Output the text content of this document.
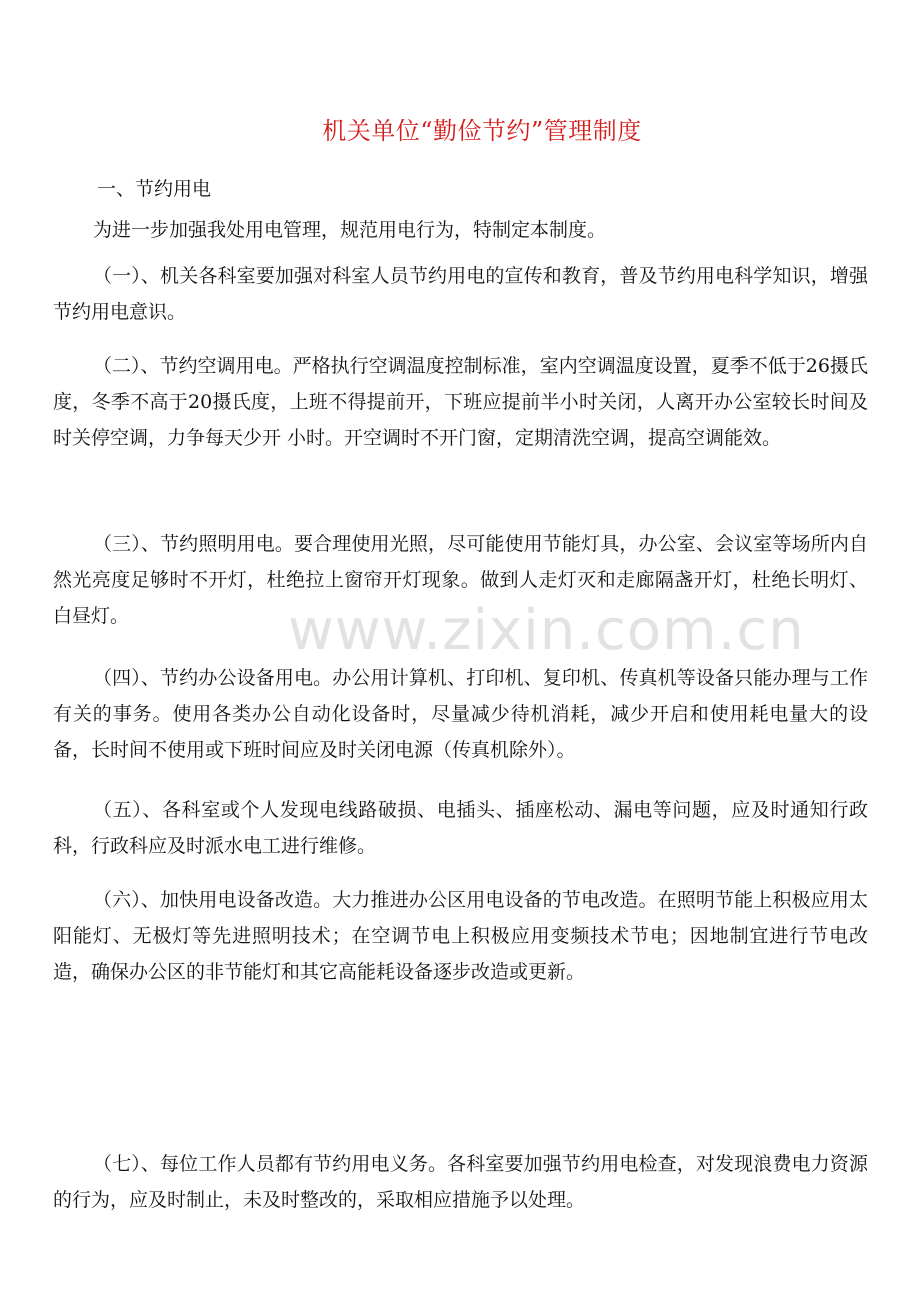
机关单位“勤俭节约”管理制度
一、节约用电
为进一步加强我处用电管理，规范用电行为，特制定本制度。
（一）、机关各科室要加强对科室人员节约用电的宣传和教育，普及节约用电科学知识，增强节约用电意识。
（二）、节约空调用电。严格执行空调温度控制标准，室内空调温度设置，夏季不低于26摄氏度，冬季不高于20摄氏度，上班不得提前开，下班应提前半小时关闭，人离开办公室较长时间及时关停空调，力争每天少开 小时。开空调时不开门窗，定期清洗空调，提高空调能效。
（三）、节约照明用电。要合理使用光照，尽可能使用节能灯具，办公室、会议室等场所内自然光亮度足够时不开灯，杜绝拉上窗帘开灯现象。做到人走灯灭和走廊隔盏开灯，杜绝长明灯、白昼灯。
（四）、节约办公设备用电。办公用计算机、打印机、复印机、传真机等设备只能办理与工作有关的事务。使用各类办公自动化设备时，尽量减少待机消耗，减少开启和使用耗电量大的设备，长时间不使用或下班时间应及时关闭电源（传真机除外）。
（五）、各科室或个人发现电线路破损、电插头、插座松动、漏电等问题，应及时通知行政科，行政科应及时派水电工进行维修。
（六）、加快用电设备改造。大力推进办公区用电设备的节电改造。在照明节能上积极应用太阳能灯、无极灯等先进照明技术；在空调节电上积极应用变频技术节电；因地制宜进行节电改造，确保办公区的非节能灯和其它高能耗设备逐步改造或更新。
（七）、每位工作人员都有节约用电义务。各科室要加强节约用电检查，对发现浪费电力资源的行为，应及时制止，未及时整改的，采取相应措施予以处理。
www.zixin.com.cn
